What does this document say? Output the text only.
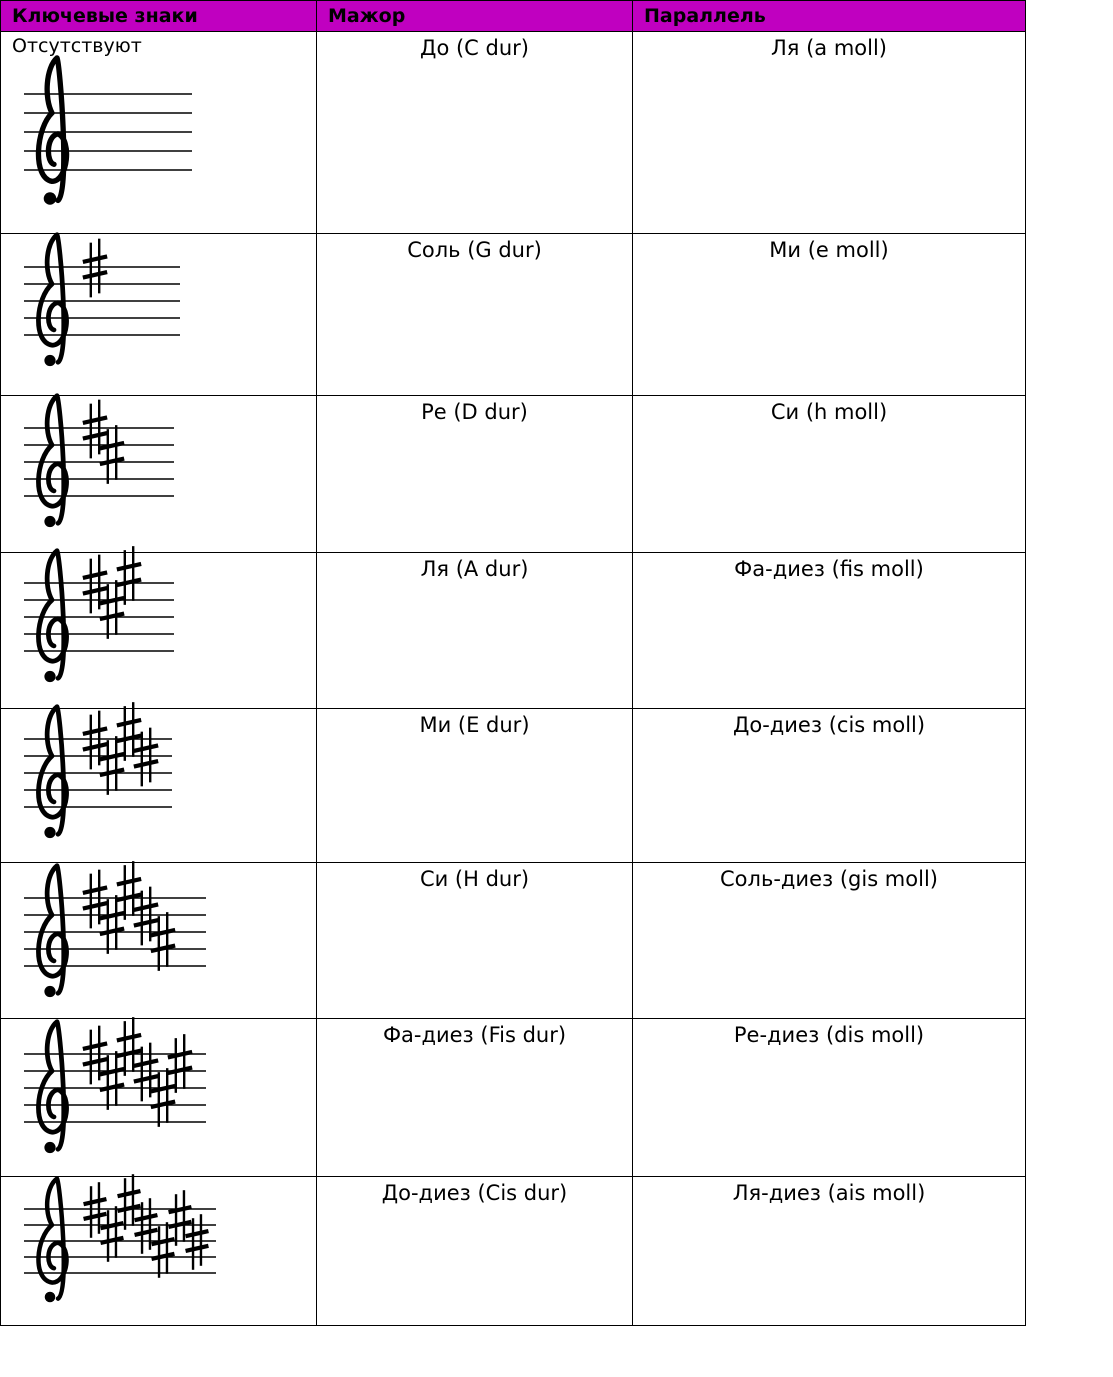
Ключевые знаки	Мажор	Параллель

Отсутствуют	До (C dur)	Ля (a moll)

	Соль (G dur)	Ми (e moll)

	Ре (D dur)	Си (h moll)

	Ля (A dur)	Фа-диез (fis moll)

	Ми (E dur)	До-диез (cis moll)

	Си (H dur)	Соль-диез (gis moll)

	Фа-диез (Fis dur)	Ре-диез (dis moll)

	До-диез (Cis dur)	Ля-диез (ais moll)
